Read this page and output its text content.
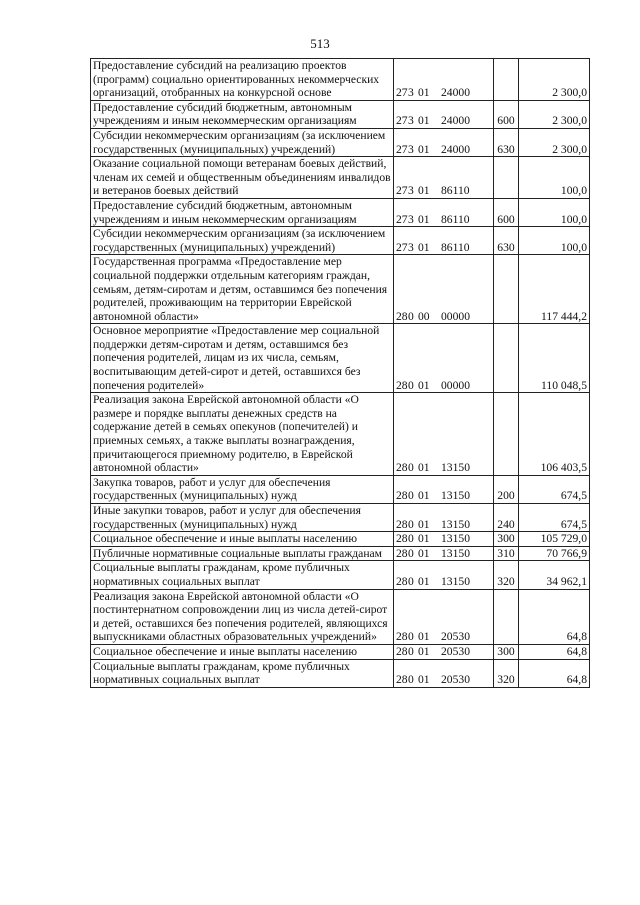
513
Предоставление субсидий на реализацию проектов (программ) социально ориентированных некоммерческих организаций, отобранных на конкурсной основе	273 01 24000		2 300,0
Предоставление субсидий бюджетным, автономным учреждениям и иным некоммерческим организациям	273 01 24000	600	2 300,0
Субсидии некоммерческим организациям (за исключением государственных (муниципальных) учреждений)	273 01 24000	630	2 300,0
Оказание социальной помощи ветеранам боевых действий, членам их семей и общественным объединениям инвалидов и ветеранов боевых действий	273 01 86110		100,0
Предоставление субсидий бюджетным, автономным учреждениям и иным некоммерческим организациям	273 01 86110	600	100,0
Субсидии некоммерческим организациям (за исключением государственных (муниципальных) учреждений)	273 01 86110	630	100,0
Государственная программа «Предоставление мер социальной поддержки отдельным категориям граждан, семьям, детям-сиротам и детям, оставшимся без попечения родителей, проживающим на территории Еврейской автономной области»	280 00 00000		117 444,2
Основное мероприятие «Предоставление мер социальной поддержки детям-сиротам и детям, оставшимся без попечения родителей, лицам из их числа, семьям, воспитывающим детей-сирот и детей, оставшихся без попечения родителей»	280 01 00000		110 048,5
Реализация закона Еврейской автономной области «О размере и порядке выплаты денежных средств на содержание детей в семьях опекунов (попечителей) и приемных семьях, а также выплаты вознаграждения, причитающегося приемному родителю, в Еврейской автономной области»	280 01 13150		106 403,5
Закупка товаров, работ и услуг для обеспечения государственных (муниципальных) нужд	280 01 13150	200	674,5
Иные закупки товаров, работ и услуг для обеспечения государственных (муниципальных) нужд	280 01 13150	240	674,5
Социальное обеспечение и иные выплаты населению	280 01 13150	300	105 729,0
Публичные нормативные социальные выплаты гражданам	280 01 13150	310	70 766,9
Социальные выплаты гражданам, кроме публичных нормативных социальных выплат	280 01 13150	320	34 962,1
Реализация закона Еврейской автономной области «О постинтернатном сопровождении лиц из числа детей-сирот и детей, оставшихся без попечения родителей, являющихся выпускниками областных образовательных учреждений»	280 01 20530		64,8
Социальное обеспечение и иные выплаты населению	280 01 20530	300	64,8
Социальные выплаты гражданам, кроме публичных нормативных социальных выплат	280 01 20530	320	64,8
